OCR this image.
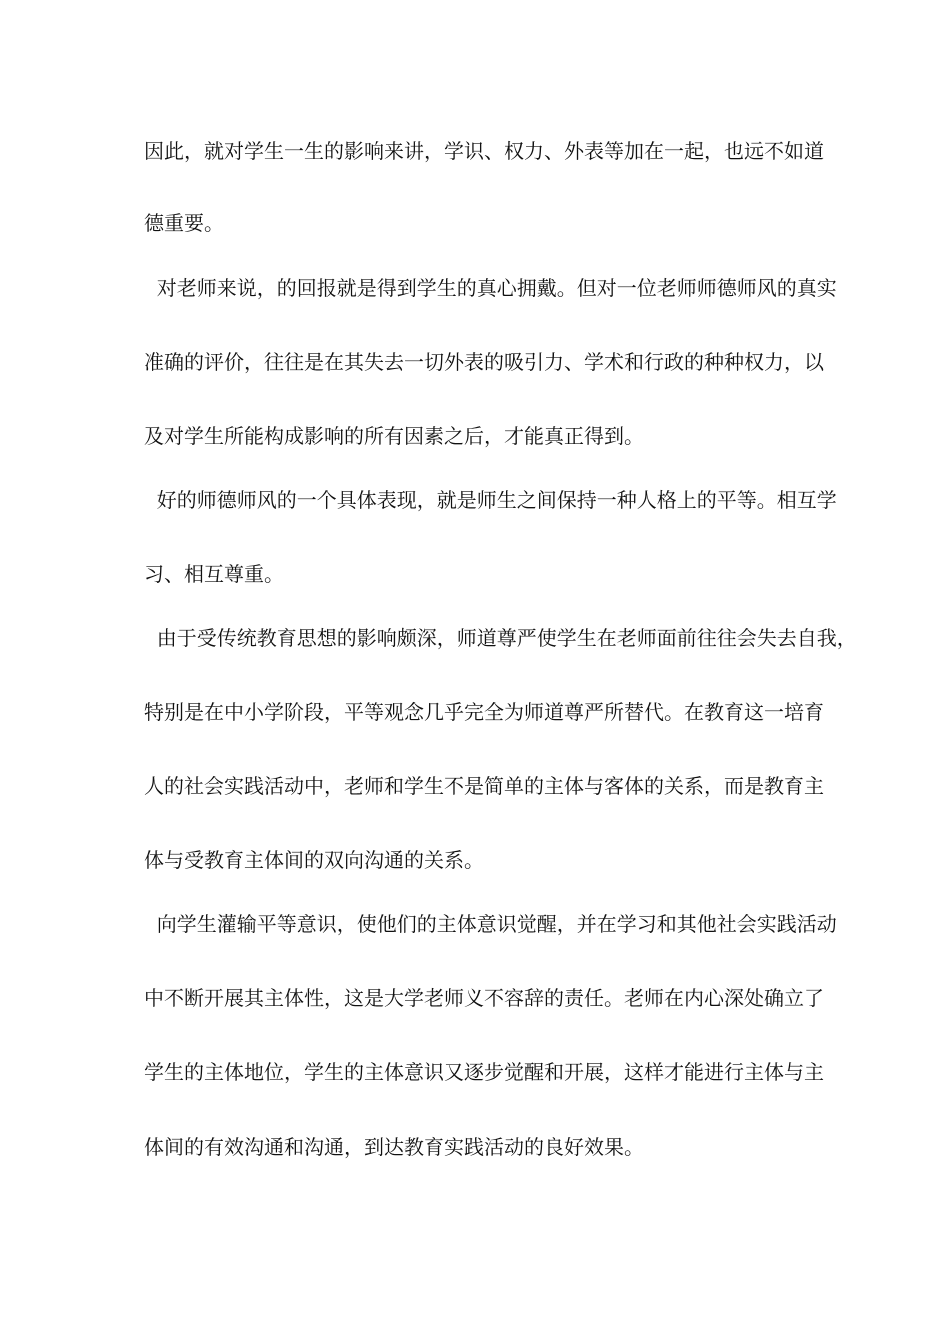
因此，就对学生一生的影响来讲，学识、权力、外表等加在一起，也远不如道

德重要。

对老师来说，的回报就是得到学生的真心拥戴。但对一位老师师德师风的真实

准确的评价，往往是在其失去一切外表的吸引力、学术和行政的种种权力，以

及对学生所能构成影响的所有因素之后，才能真正得到。

好的师德师风的一个具体表现，就是师生之间保持一种人格上的平等。相互学

习、相互尊重。

由于受传统教育思想的影响颇深，师道尊严使学生在老师面前往往会失去自我，

特别是在中小学阶段，平等观念几乎完全为师道尊严所替代。在教育这一培育

人的社会实践活动中，老师和学生不是简单的主体与客体的关系，而是教育主

体与受教育主体间的双向沟通的关系。

向学生灌输平等意识，使他们的主体意识觉醒，并在学习和其他社会实践活动

中不断开展其主体性，这是大学老师义不容辞的责任。老师在内心深处确立了

学生的主体地位，学生的主体意识又逐步觉醒和开展，这样才能进行主体与主

体间的有效沟通和沟通，到达教育实践活动的良好效果。
